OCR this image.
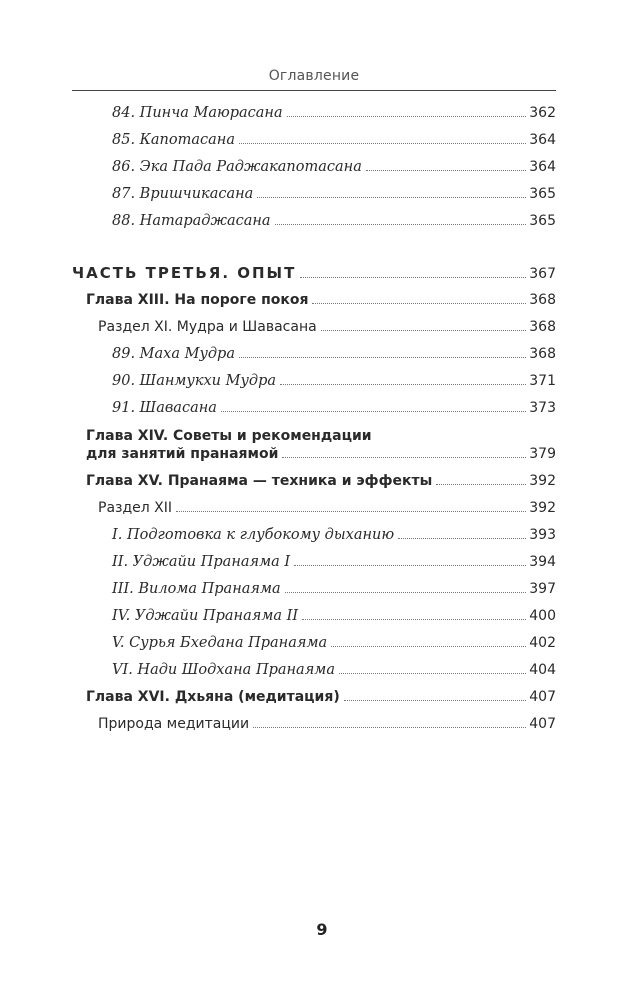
Оглавление
84. Пинча Маюрасана	362
85. Капотасана	364
86. Эка Пада Раджакапотасана	364
87. Вришчикасана	365
88. Натараджасана	365
ЧАСТЬ ТРЕТЬЯ. ОПЫТ	367
Глава XIII. На пороге покоя	368
Раздел XI. Мудра и Шавасана	368
89. Маха Мудра	368
90. Шанмукхи Мудра	371
91. Шавасана	373
Глава XIV. Советы и рекомендации
для занятий пранаямой	379
Глава XV. Пранаяма — техника и эффекты	392
Раздел XII	392
I. Подготовка к глубокому дыханию	393
II. Уджайи Пранаяма I	394
III. Вилома Пранаяма	397
IV. Уджайи Пранаяма II	400
V. Сурья Бхедана Пранаяма	402
VI. Нади Шодхана Пранаяма	404
Глава XVI. Дхьяна (медитация)	407
Природа медитации	407
9
